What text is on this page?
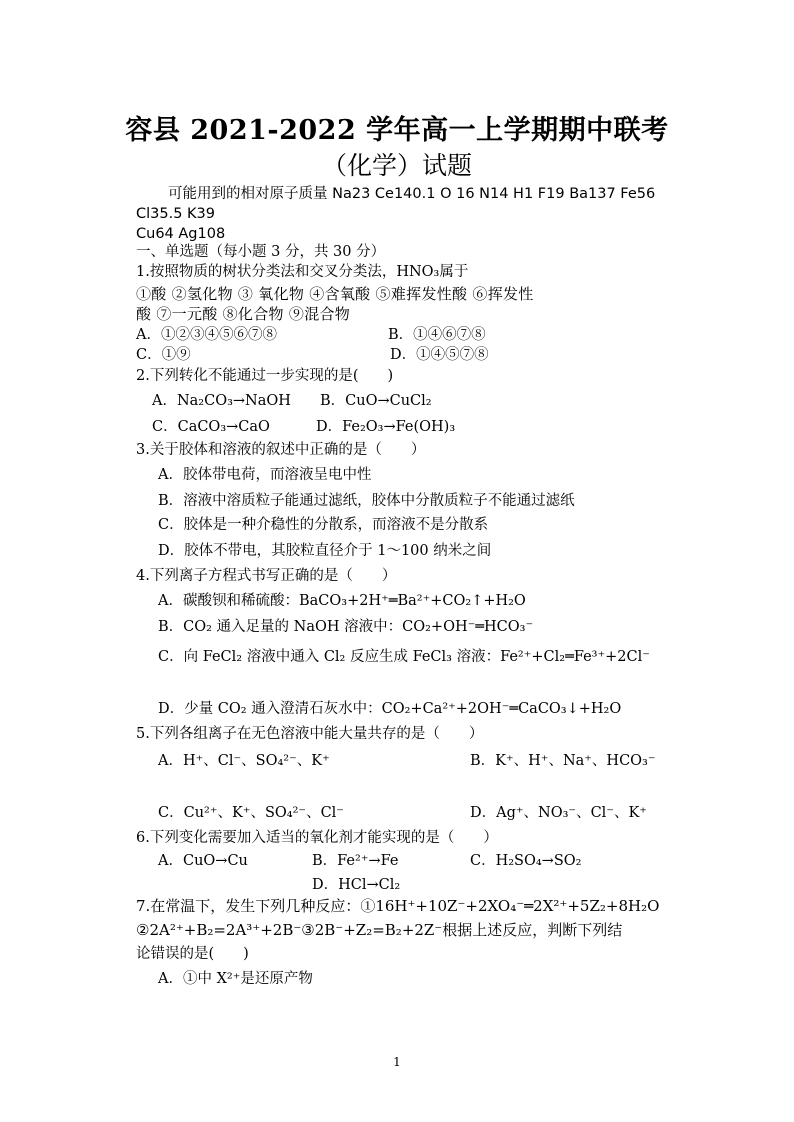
容县 2021-2022 学年高一上学期期中联考
（化学）试题
可能用到的相对原子质量 Na23 Ce140.1 O 16 N14 H1 F19 Ba137 Fe56
Cl35.5 K39
Cu64 Ag108
一、单选题（每小题 3 分，共 30 分）
1.按照物质的树状分类法和交叉分类法，HNO₃属于
①酸 ②氢化物 ③ 氧化物 ④含氧酸 ⑤难挥发性酸 ⑥挥发性
酸 ⑦一元酸 ⑧化合物 ⑨混合物
A．①②③④⑤⑥⑦⑧	B．①④⑥⑦⑧
C．①⑨	D．①④⑤⑦⑧
2.下列转化不能通过一步实现的是(　　)
A．Na₂CO₃→NaOH B．CuO→CuCl₂
C．CaCO₃→CaO	D．Fe₂O₃→Fe(OH)₃
3.关于胶体和溶液的叙述中正确的是（　　）
A．胶体带电荷，而溶液呈电中性
B．溶液中溶质粒子能通过滤纸，胶体中分散质粒子不能通过滤纸
C．胶体是一种介稳性的分散系，而溶液不是分散系
D．胶体不带电，其胶粒直径介于 1～100 纳米之间
4.下列离子方程式书写正确的是（　　）
A．碳酸钡和稀硫酸：BaCO₃+2H⁺═Ba²⁺+CO₂↑+H₂O
B．CO₂ 通入足量的 NaOH 溶液中：CO₂+OH⁻═HCO₃⁻
C．向 FeCl₂ 溶液中通入 Cl₂ 反应生成 FeCl₃ 溶液：Fe²⁺+Cl₂═Fe³⁺+2Cl⁻
D．少量 CO₂ 通入澄清石灰水中：CO₂+Ca²⁺+2OH⁻═CaCO₃↓+H₂O
5.下列各组离子在无色溶液中能大量共存的是（　　）
A．H⁺、Cl⁻、SO₄²⁻、K⁺	B．K⁺、H⁺、Na⁺、HCO₃⁻
C．Cu²⁺、K⁺、SO₄²⁻、Cl⁻	D．Ag⁺、NO₃⁻、Cl⁻、K⁺
6.下列变化需要加入适当的氧化剂才能实现的是（　　）
A．CuO→Cu	B．Fe²⁺→Fe	C．H₂SO₄→SO₂
D．HCl→Cl₂
7.在常温下，发生下列几种反应：①16H⁺+10Z⁻+2XO₄⁻═2X²⁺+5Z₂+8H₂O
②2A²⁺+B₂=2A³⁺+2B⁻③2B⁻+Z₂=B₂+2Z⁻根据上述反应，判断下列结
论错误的是(　　)
A．①中 X²⁺是还原产物
1
